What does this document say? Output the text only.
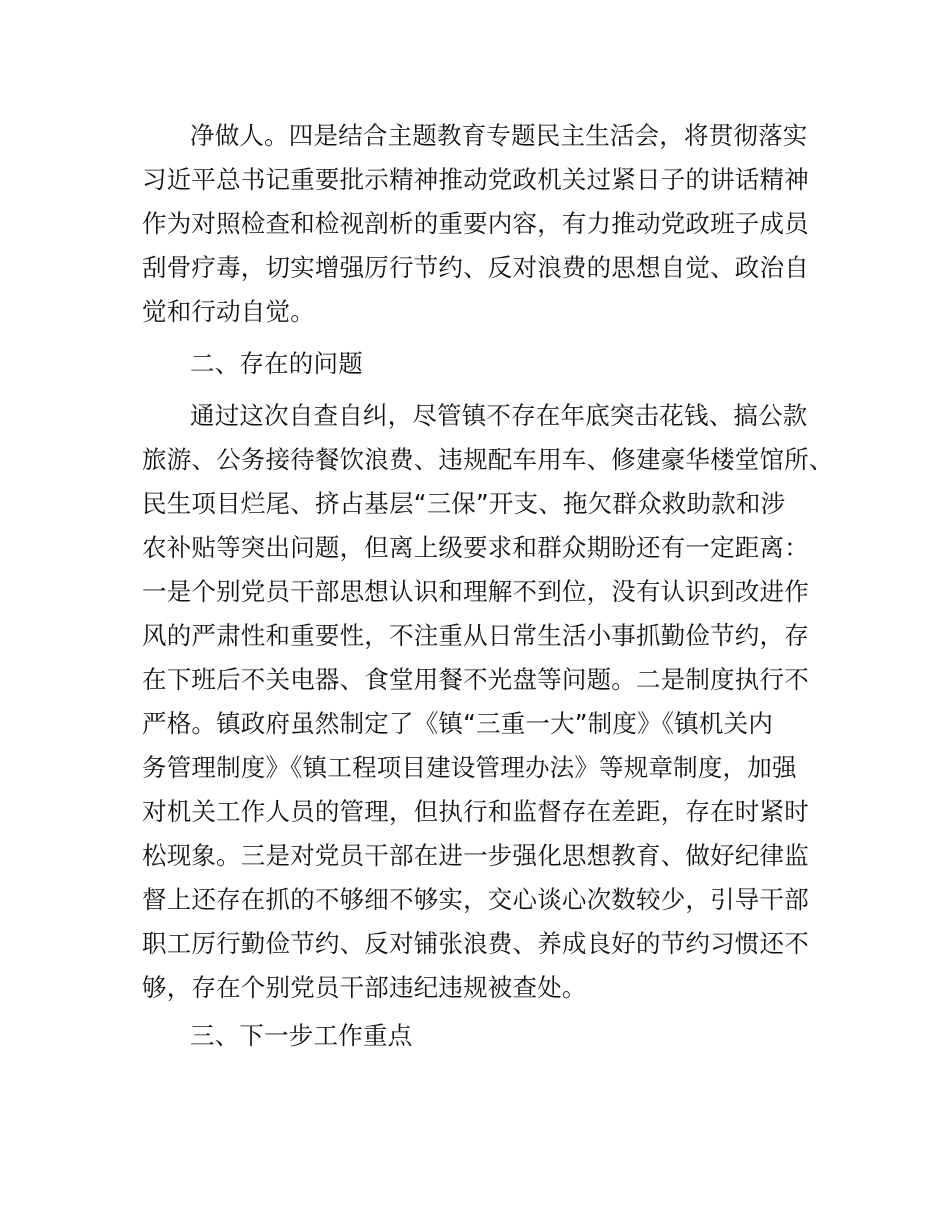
净做人。四是结合主题教育专题民主生活会，将贯彻落实
习近平总书记重要批示精神推动党政机关过紧日子的讲话精神
作为对照检查和检视剖析的重要内容，有力推动党政班子成员
刮骨疗毒，切实增强厉行节约、反对浪费的思想自觉、政治自
觉和行动自觉。
二、存在的问题
通过这次自查自纠，尽管镇不存在年底突击花钱、搞公款
旅游、公务接待餐饮浪费、违规配车用车、修建豪华楼堂馆所、
民生项目烂尾、挤占基层“三保”开支、拖欠群众救助款和涉
农补贴等突出问题，但离上级要求和群众期盼还有一定距离：
一是个别党员干部思想认识和理解不到位，没有认识到改进作
风的严肃性和重要性，不注重从日常生活小事抓勤俭节约，存
在下班后不关电器、食堂用餐不光盘等问题。二是制度执行不
严格。镇政府虽然制定了《镇“三重一大”制度》《镇机关内
务管理制度》《镇工程项目建设管理办法》等规章制度，加强
对机关工作人员的管理，但执行和监督存在差距，存在时紧时
松现象。三是对党员干部在进一步强化思想教育、做好纪律监
督上还存在抓的不够细不够实，交心谈心次数较少，引导干部
职工厉行勤俭节约、反对铺张浪费、养成良好的节约习惯还不
够，存在个别党员干部违纪违规被查处。
三、下一步工作重点
